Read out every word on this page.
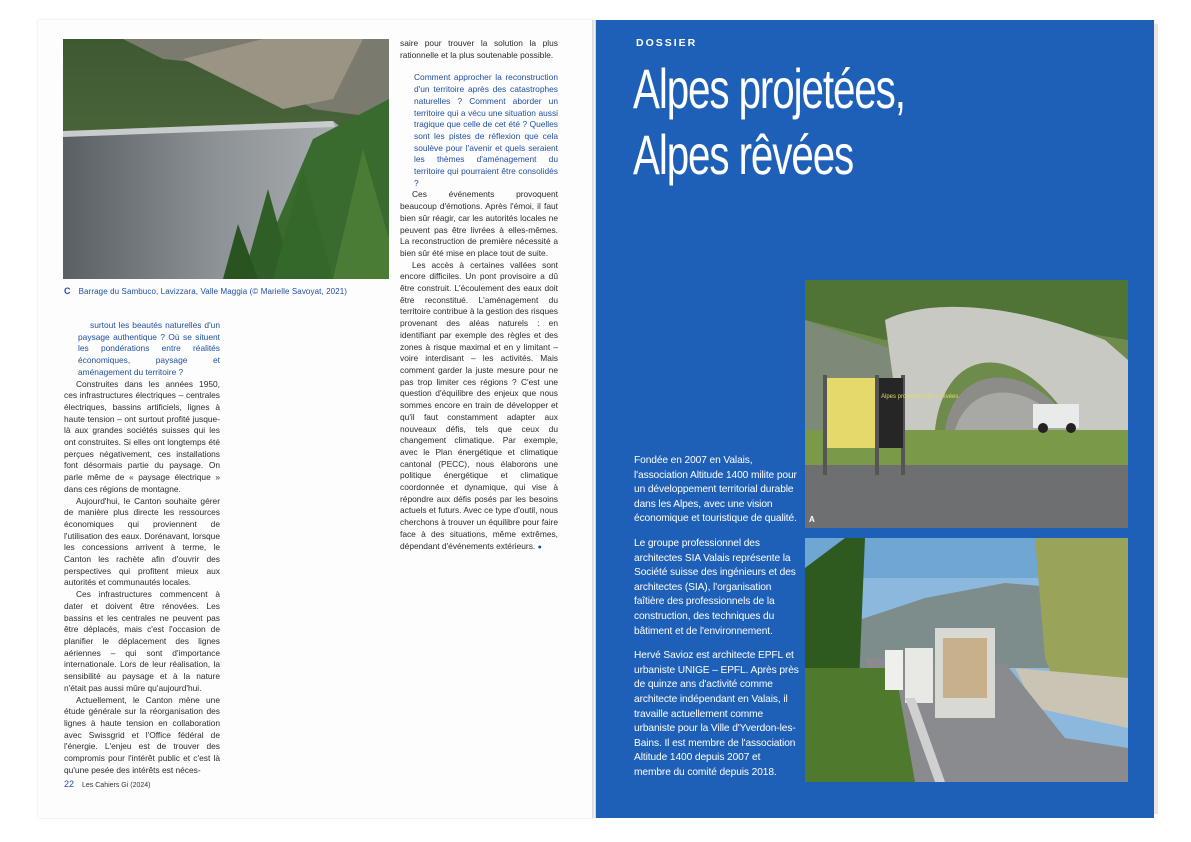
C Barrage du Sambuco, Lavizzara, Valle Maggia (© Marielle Savoyat, 2021)

surtout les beautés naturelles d'un paysage authentique ? Où se situent les pondérations entre réalités économiques, paysage et aménagement du territoire ?

Construites dans les années 1950, ces infrastructures électriques – centrales électriques, bassins artificiels, lignes à haute tension – ont surtout profité jusque-là aux grandes sociétés suisses qui les ont construites. Si elles ont longtemps été perçues négativement, ces installations font désormais partie du paysage. On parle même de « paysage électrique » dans ces régions de montagne.

Aujourd'hui, le Canton souhaite gérer de manière plus directe les ressources économiques qui proviennent de l'utilisation des eaux. Dorénavant, lorsque les concessions arrivent à terme, le Canton les rachète afin d'ouvrir des perspectives qui profitent mieux aux autorités et communautés locales.

Ces infrastructures commencent à dater et doivent être rénovées. Les bassins et les centrales ne peuvent pas être déplacés, mais c'est l'occasion de planifier le déplacement des lignes aériennes – qui sont d'importance internationale. Lors de leur réalisation, la sensibilité au paysage et à la nature n'était pas aussi mûre qu'aujourd'hui.

Actuellement, le Canton mène une étude générale sur la réorganisation des lignes à haute tension en collaboration avec Swissgrid et l'Office fédéral de l'énergie. L'enjeu est de trouver des compromis pour l'intérêt public et c'est là qu'une pesée des intérêts est néces-

saire pour trouver la solution la plus rationnelle et la plus soutenable possible.

Comment approcher la reconstruction d'un territoire après des catastrophes naturelles ? Comment aborder un territoire qui a vécu une situation aussi tragique que celle de cet été ? Quelles sont les pistes de réflexion que cela soulève pour l'avenir et quels seraient les thèmes d'aménagement du territoire qui pourraient être consolidés ?

Ces événements provoquent beaucoup d'émotions. Après l'émoi, il faut bien sûr réagir, car les autorités locales ne peuvent pas être livrées à elles-mêmes. La reconstruction de première nécessité a bien sûr été mise en place tout de suite.

Les accès à certaines vallées sont encore difficiles. Un pont provisoire a dû être construit. L'écoulement des eaux doit être reconstitué. L'aménagement du territoire contribue à la gestion des risques provenant des aléas naturels : en identifiant par exemple des règles et des zones à risque maximal et en y limitant – voire interdisant – les activités. Mais comment garder la juste mesure pour ne pas trop limiter ces régions ? C'est une question d'équilibre des enjeux que nous sommes encore en train de développer et qu'il faut constamment adapter aux nouveaux défis, tels que ceux du changement climatique. Par exemple, avec le Plan énergétique et climatique cantonal (PECC), nous élaborons une politique énergétique et climatique coordonnée et dynamique, qui vise à répondre aux défis posés par les besoins actuels et futurs. Avec ce type d'outil, nous cherchons à trouver un équilibre pour faire face à des situations, même extrêmes, dépendant d'événements extérieurs. ●

22 Les Cahiers Gi (2024)
DOSSIER
Alpes projetées,
Alpes rêvées
Alpes projetées Alpes rêvées
A

Fondée en 2007 en Valais, l'association Altitude 1400 milite pour un développement territorial durable dans les Alpes, avec une vision économique et touristique de qualité.

Le groupe professionnel des architectes SIA Valais représente la Société suisse des ingénieurs et des architectes (SIA), l'organisation faîtière des professionnels de la construction, des techniques du bâtiment et de l'environnement.

Hervé Savioz est architecte EPFL et urbaniste UNIGE – EPFL. Après près de quinze ans d'activité comme architecte indépendant en Valais, il travaille actuellement comme urbaniste pour la Ville d'Yverdon-les-Bains. Il est membre de l'association Altitude 1400 depuis 2007 et membre du comité depuis 2018.
